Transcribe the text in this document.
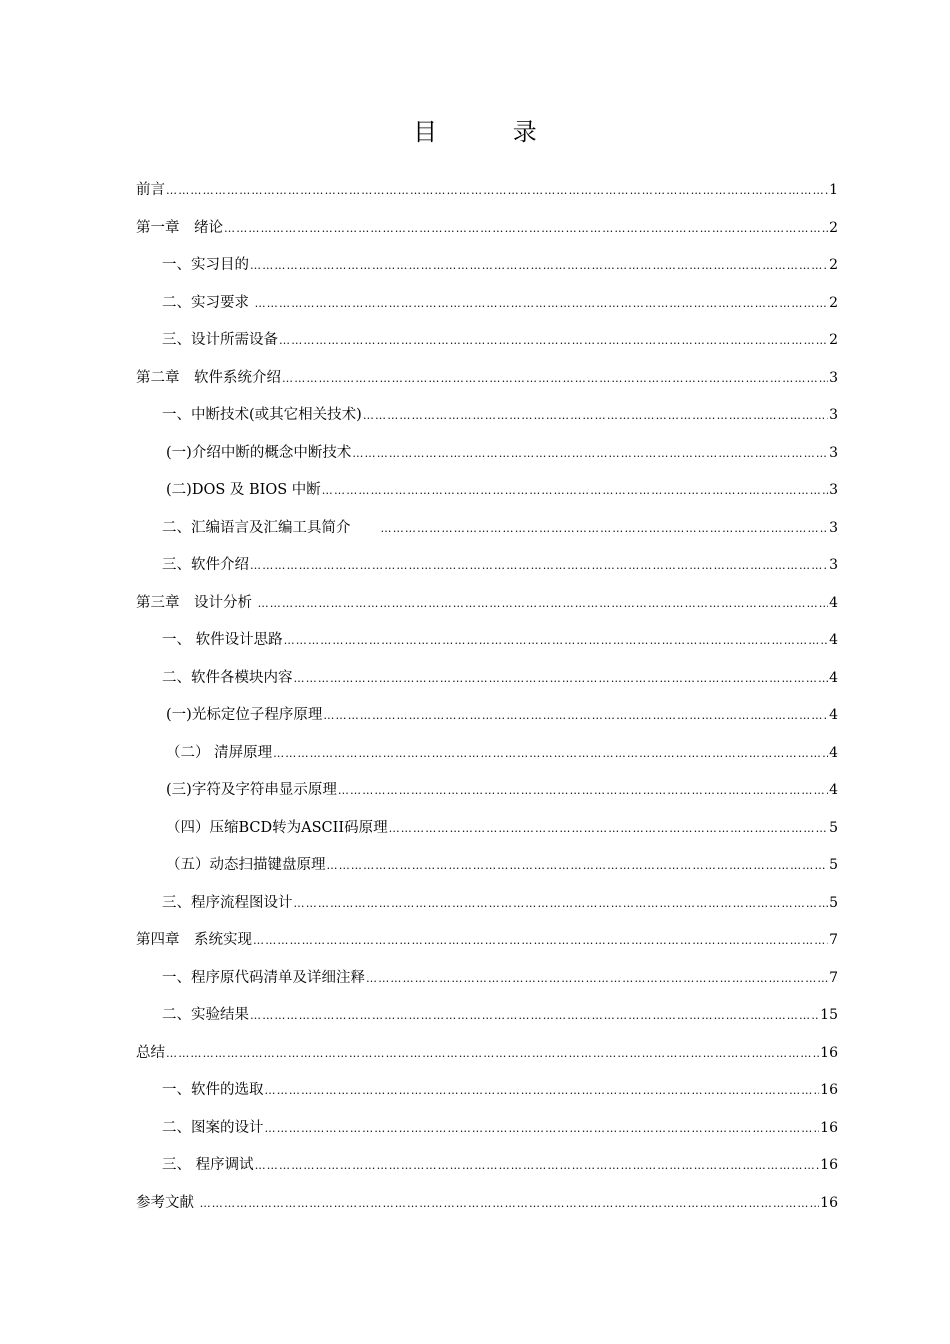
目 录
前言 ……………………………………………………………………………………………………………………………………………………………………………………………………………………	1
第一章　绪论 ……………………………………………………………………………………………………………………………………………………………………………………………………………………	2
一、实习目的 ……………………………………………………………………………………………………………………………………………………………………………………………………………………	2
二、实习要求 ……………………………………………………………………………………………………………………………………………………………………………………………………………………	2
三、设计所需设备 ……………………………………………………………………………………………………………………………………………………………………………………………………………………	2
第二章　软件系统介绍 ……………………………………………………………………………………………………………………………………………………………………………………………………………………	3
一、中断技术(或其它相关技术) ……………………………………………………………………………………………………………………………………………………………………………………………………………………	3
(一)介绍中断的概念中断技术 ……………………………………………………………………………………………………………………………………………………………………………………………………………………	3
(二)DOS 及 BIOS 中断 ……………………………………………………………………………………………………………………………………………………………………………………………………………………	3
二、汇编语言及汇编工具简介　　 ……………………………………………………………………………………………………………………………………………………………………………………………………………………	3
三、软件介绍 ……………………………………………………………………………………………………………………………………………………………………………………………………………………	3
第三章　设计分析 ……………………………………………………………………………………………………………………………………………………………………………………………………………………	4
一、 软件设计思路 ……………………………………………………………………………………………………………………………………………………………………………………………………………………	4
二、软件各模块内容 ……………………………………………………………………………………………………………………………………………………………………………………………………………………	4
(一)光标定位子程序原理 ……………………………………………………………………………………………………………………………………………………………………………………………………………………	4
（二） 清屏原理 ……………………………………………………………………………………………………………………………………………………………………………………………………………………	4
(三)字符及字符串显示原理 ……………………………………………………………………………………………………………………………………………………………………………………………………………………	4
（四）压缩BCD转为ASCII码原理 ……………………………………………………………………………………………………………………………………………………………………………………………………………………	5
（五）动态扫描键盘原理 ……………………………………………………………………………………………………………………………………………………………………………………………………………………	5
三、程序流程图设计 ……………………………………………………………………………………………………………………………………………………………………………………………………………………	5
第四章　系统实现 ……………………………………………………………………………………………………………………………………………………………………………………………………………………	7
一、程序原代码清单及详细注释 ……………………………………………………………………………………………………………………………………………………………………………………………………………………	7
二、实验结果 ……………………………………………………………………………………………………………………………………………………………………………………………………………………	15
总结 ……………………………………………………………………………………………………………………………………………………………………………………………………………………	16
一、软件的选取 ……………………………………………………………………………………………………………………………………………………………………………………………………………………	16
二、图案的设计 ……………………………………………………………………………………………………………………………………………………………………………………………………………………	16
三、 程序调试 ……………………………………………………………………………………………………………………………………………………………………………………………………………………	16
参考文献 ……………………………………………………………………………………………………………………………………………………………………………………………………………………	16
